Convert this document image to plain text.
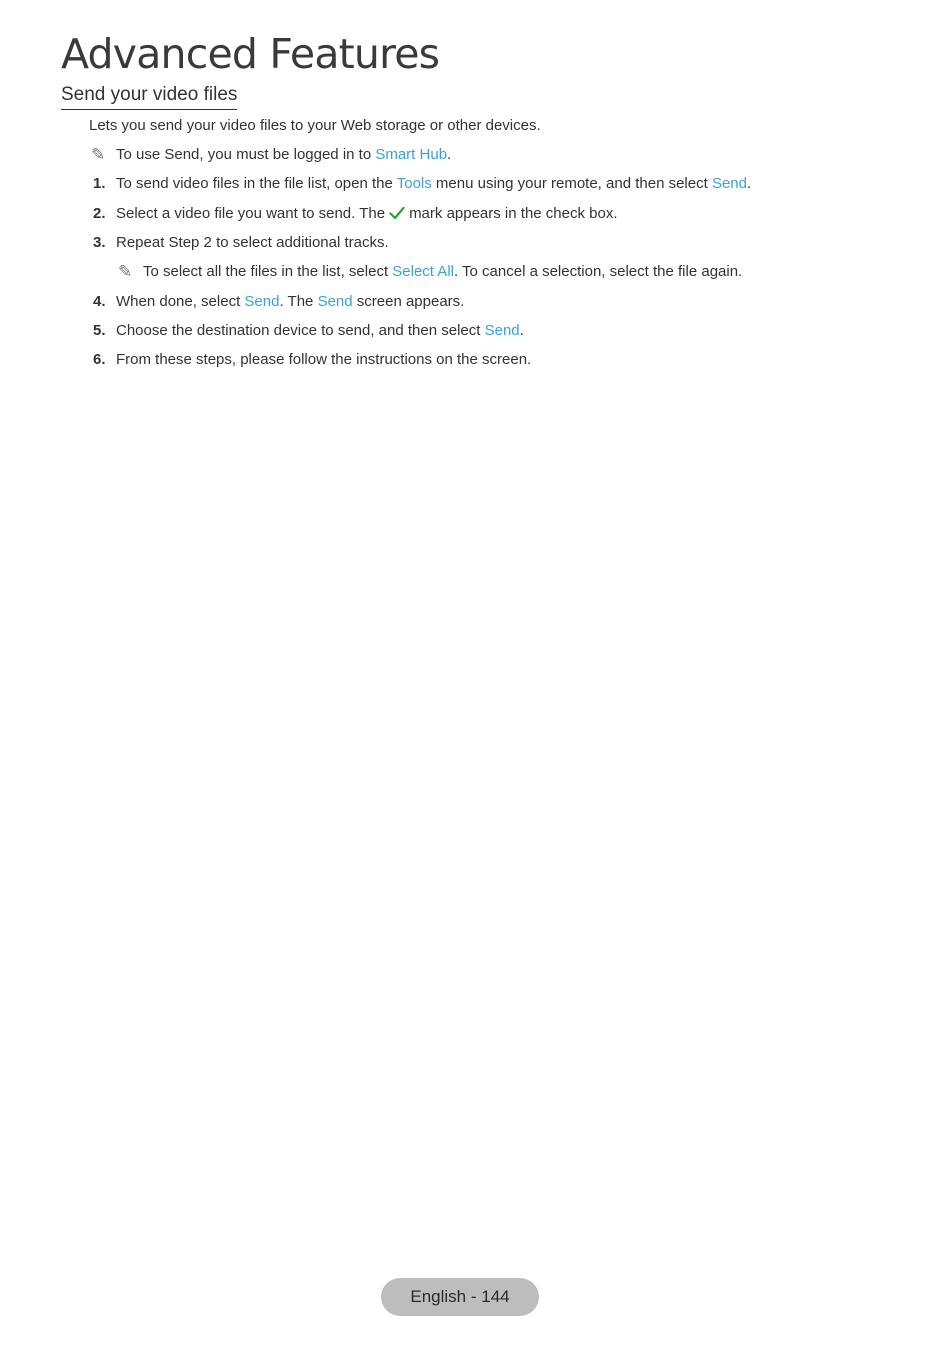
Advanced Features
Send your video files
Lets you send your video files to your Web storage or other devices.
✎ To use Send, you must be logged in to Smart Hub.
1. To send video files in the file list, open the Tools menu using your remote, and then select Send.
2. Select a video file you want to send. The mark appears in the check box.
3. Repeat Step 2 to select additional tracks.
✎ To select all the files in the list, select Select All. To cancel a selection, select the file again.
4. When done, select Send. The Send screen appears.
5. Choose the destination device to send, and then select Send.
6. From these steps, please follow the instructions on the screen.
English - 144
